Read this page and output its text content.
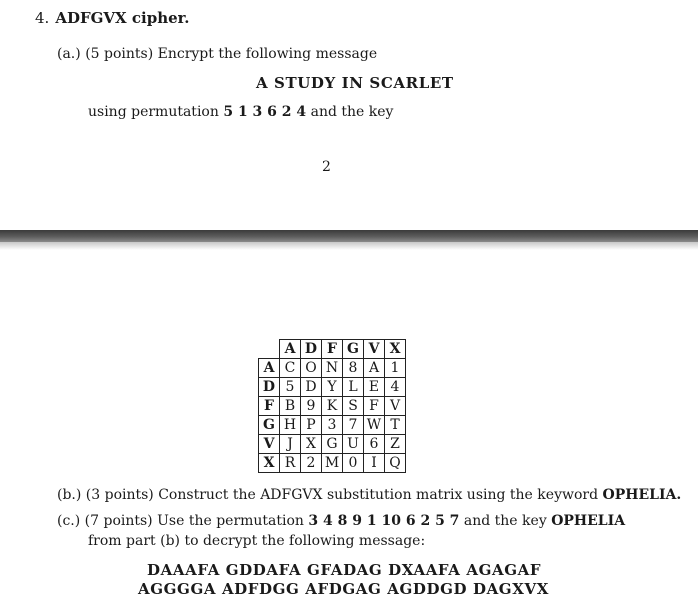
4. ADFGVX cipher.
(a.) (5 points) Encrypt the following message
A STUDY IN SCARLET
using permutation 5 1 3 6 2 4 and the key
2
	A	D	F	G	V	X
A	C	O	N	8	A	1
D	5	D	Y	L	E	4
F	B	9	K	S	F	V
G	H	P	3	7	W	T
V	J	X	G	U	6	Z
X	R	2	M	0	I	Q
(b.) (3 points) Construct the ADFGVX substitution matrix using the keyword OPHELIA.
(c.) (7 points) Use the permutation 3 4 8 9 1 10 6 2 5 7 and the key OPHELIA
from part (b) to decrypt the following message:
DAAAFA GDDAFA GFADAG DXAAFA AGAGAF
AGGGGA ADFDGG AFDGAG AGDDGD DAGXVX
